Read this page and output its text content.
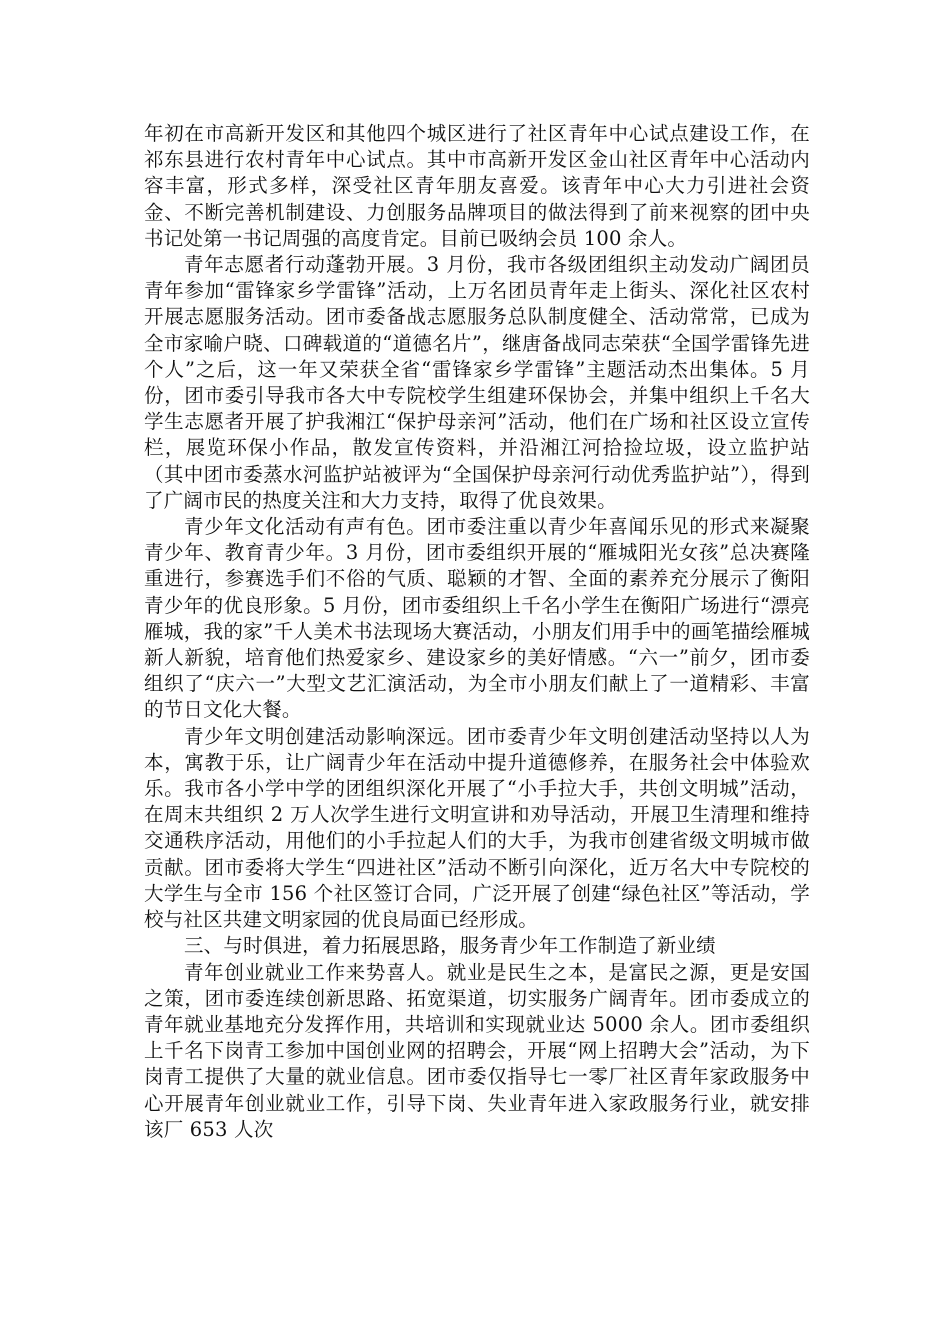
年初在市高新开发区和其他四个城区进行了社区青年中心试点建设工作，在祁东县进行农村青年中心试点。其中市高新开发区金山社区青年中心活动内容丰富，形式多样，深受社区青年朋友喜爱。该青年中心大力引进社会资金、不断完善机制建设、力创服务品牌项目的做法得到了前来视察的团中央书记处第一书记周强的高度肯定。目前已吸纳会员 100 余人。

青年志愿者行动蓬勃开展。3 月份，我市各级团组织主动发动广阔团员青年参加“雷锋家乡学雷锋”活动，上万名团员青年走上街头、深化社区农村开展志愿服务活动。团市委备战志愿服务总队制度健全、活动常常，已成为全市家喻户晓、口碑载道的“道德名片”，继唐备战同志荣获“全国学雷锋先进个人”之后，这一年又荣获全省“雷锋家乡学雷锋”主题活动杰出集体。5 月份，团市委引导我市各大中专院校学生组建环保协会，并集中组织上千名大学生志愿者开展了护我湘江“保护母亲河”活动，他们在广场和社区设立宣传栏，展览环保小作品，散发宣传资料，并沿湘江河拾捡垃圾，设立监护站（其中团市委蒸水河监护站被评为“全国保护母亲河行动优秀监护站”），得到了广阔市民的热度关注和大力支持，取得了优良效果。

青少年文化活动有声有色。团市委注重以青少年喜闻乐见的形式来凝聚青少年、教育青少年。3 月份，团市委组织开展的“雁城阳光女孩”总决赛隆重进行，参赛选手们不俗的气质、聪颖的才智、全面的素养充分展示了衡阳青少年的优良形象。5 月份，团市委组织上千名小学生在衡阳广场进行“漂亮雁城，我的家”千人美术书法现场大赛活动，小朋友们用手中的画笔描绘雁城新人新貌，培育他们热爱家乡、建设家乡的美好情感。“六一”前夕，团市委组织了“庆六一”大型文艺汇演活动，为全市小朋友们献上了一道精彩、丰富的节日文化大餐。

青少年文明创建活动影响深远。团市委青少年文明创建活动坚持以人为本，寓教于乐，让广阔青少年在活动中提升道德修养，在服务社会中体验欢乐。我市各小学中学的团组织深化开展了“小手拉大手，共创文明城”活动，在周末共组织 2 万人次学生进行文明宣讲和劝导活动，开展卫生清理和维持交通秩序活动，用他们的小手拉起人们的大手，为我市创建省级文明城市做贡献。团市委将大学生“四进社区”活动不断引向深化，近万名大中专院校的大学生与全市 156 个社区签订合同，广泛开展了创建“绿色社区”等活动，学校与社区共建文明家园的优良局面已经形成。

三、与时俱进，着力拓展思路，服务青少年工作制造了新业绩

青年创业就业工作来势喜人。就业是民生之本，是富民之源，更是安国之策，团市委连续创新思路、拓宽渠道，切实服务广阔青年。团市委成立的青年就业基地充分发挥作用，共培训和实现就业达 5000 余人。团市委组织上千名下岗青工参加中国创业网的招聘会，开展“网上招聘大会”活动，为下岗青工提供了大量的就业信息。团市委仅指导七一零厂社区青年家政服务中心开展青年创业就业工作，引导下岗、失业青年进入家政服务行业，就安排该厂 653 人次
